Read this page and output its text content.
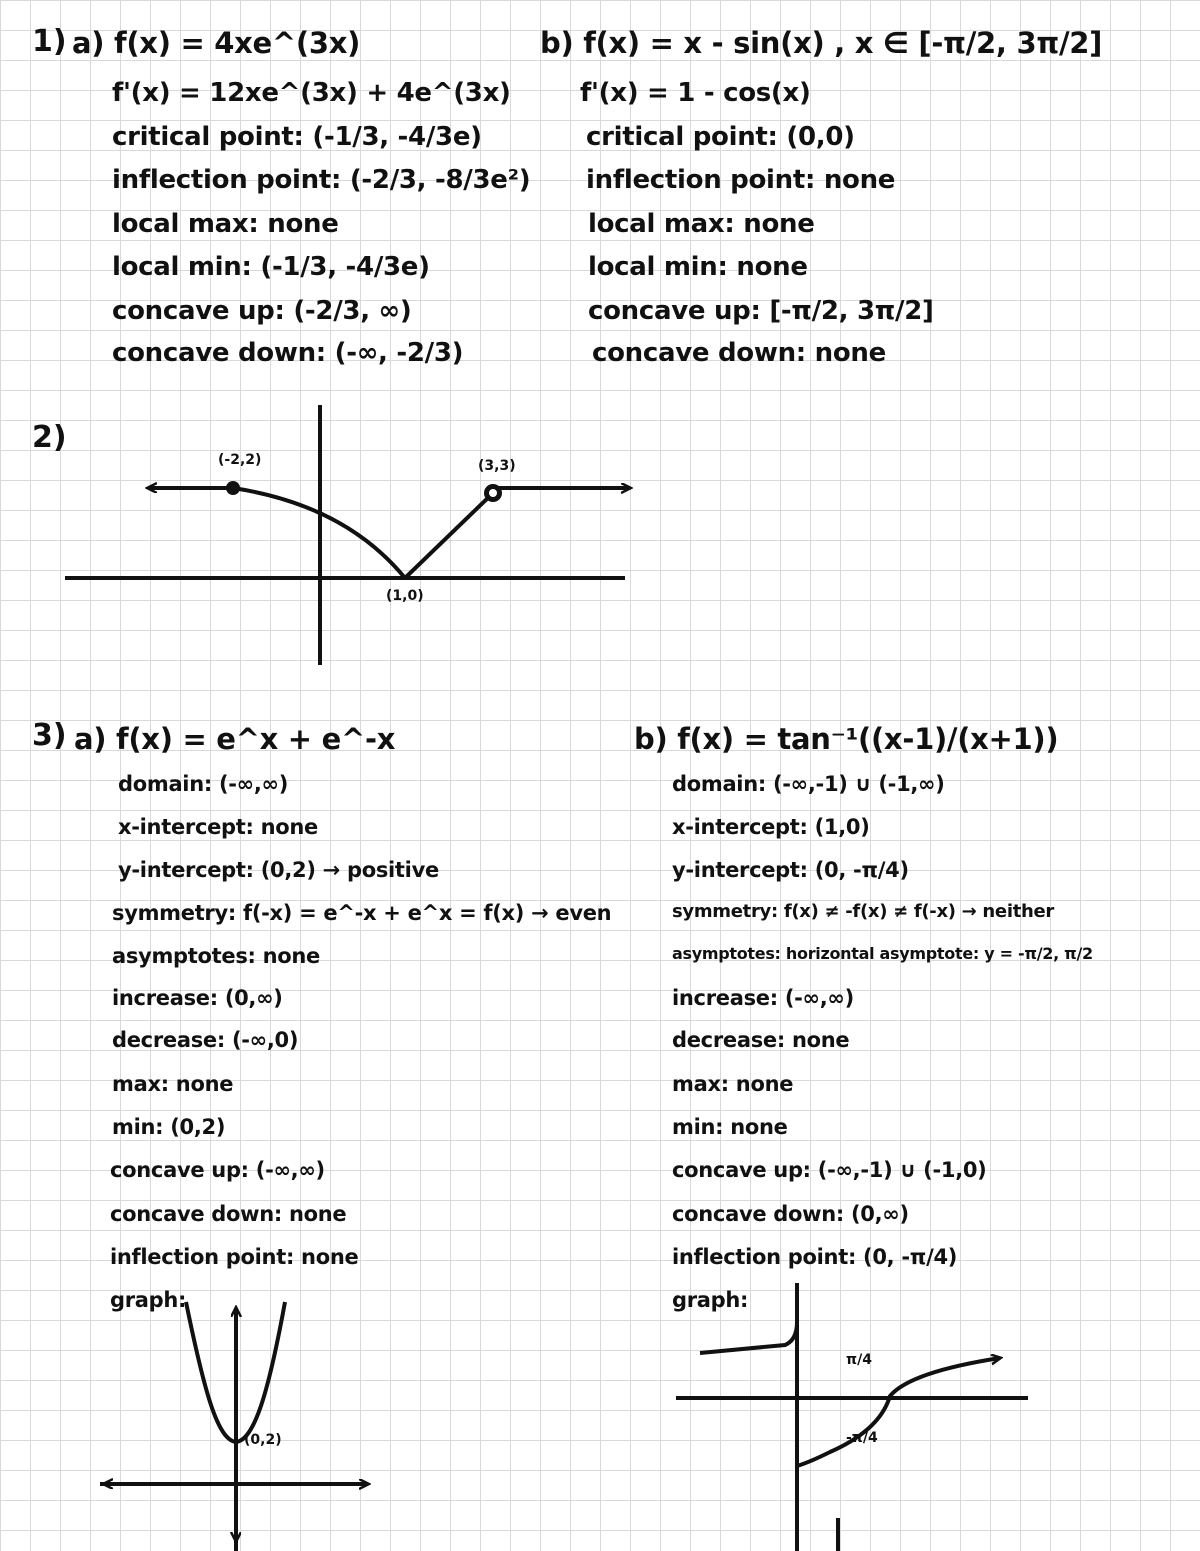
1) a) f(x) = 4xe^(3x)
f'(x) = 12xe^(3x) + 4e^(3x)
critical point: (-1/3, -4/3e)
inflection point: (-2/3, -8/3e²)
local max: none
local min: (-1/3, -4/3e)
concave up: (-2/3, ∞)
concave down: (-∞, -2/3)
b) f(x) = x - sin(x) , x ∈ [-π/2, 3π/2]
f'(x) = 1 - cos(x)
critical point: (0,0)
inflection point: none
local max: none
local min: none
concave up: [-π/2, 3π/2]
concave down: none
2)
(-2,2)	(3,3)
(1,0)
3) a) f(x) = e^x + e^-x
domain: (-∞,∞)
x-intercept: none
y-intercept: (0,2) → positive
symmetry: f(-x) = e^-x + e^x = f(x) → even
asymptotes: none
increase: (0,∞)
decrease: (-∞,0)
max: none
min: (0,2)
concave up: (-∞,∞)
concave down: none
inflection point: none
graph:
(0,2)
b) f(x) = tan⁻¹((x-1)/(x+1))
domain: (-∞,-1) ∪ (-1,∞)
x-intercept: (1,0)
y-intercept: (0, -π/4)
symmetry: f(x) ≠ -f(x) ≠ f(-x) → neither
asymptotes: horizontal asymptote: y = -π/2, π/2
increase: (-∞,∞)
decrease: none
max: none
min: none
concave up: (-∞,-1) ∪ (-1,0)
concave down: (0,∞)
inflection point: (0, -π/4)
graph:
π/4
-π/4
